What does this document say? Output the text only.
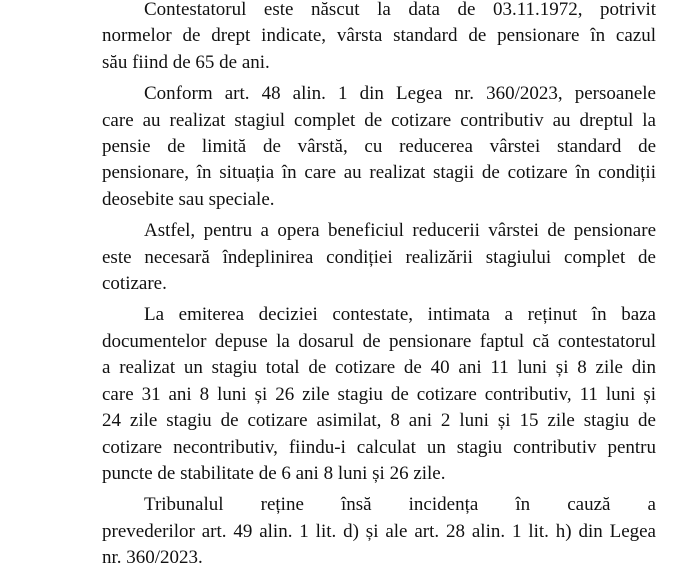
Contestatorul este născut la data de 03.11.1972, potrivit
normelor de drept indicate, vârsta standard de pensionare în cazul
său fiind de 65 de ani.
Conform art. 48 alin. 1 din Legea nr. 360/2023, persoanele
care au realizat stagiul complet de cotizare contributiv au dreptul la
pensie de limită de vârstă, cu reducerea vârstei standard de
pensionare, în situația în care au realizat stagii de cotizare în condiții
deosebite sau speciale.
Astfel, pentru a opera beneficiul reducerii vârstei de pensionare
este necesară îndeplinirea condiției realizării stagiului complet de
cotizare.
La emiterea deciziei contestate, intimata a reținut în baza
documentelor depuse la dosarul de pensionare faptul că contestatorul
a realizat un stagiu total de cotizare de 40 ani 11 luni și 8 zile din
care 31 ani 8 luni și 26 zile stagiu de cotizare contributiv, 11 luni și
24 zile stagiu de cotizare asimilat, 8 ani 2 luni și 15 zile stagiu de
cotizare necontributiv, fiindu-i calculat un stagiu contributiv pentru
puncte de stabilitate de 6 ani 8 luni și 26 zile.
Tribunalul reține însă incidența în cauză a
prevederilor art. 49 alin. 1 lit. d) și ale art. 28 alin. 1 lit. h) din Legea
nr. 360/2023.
